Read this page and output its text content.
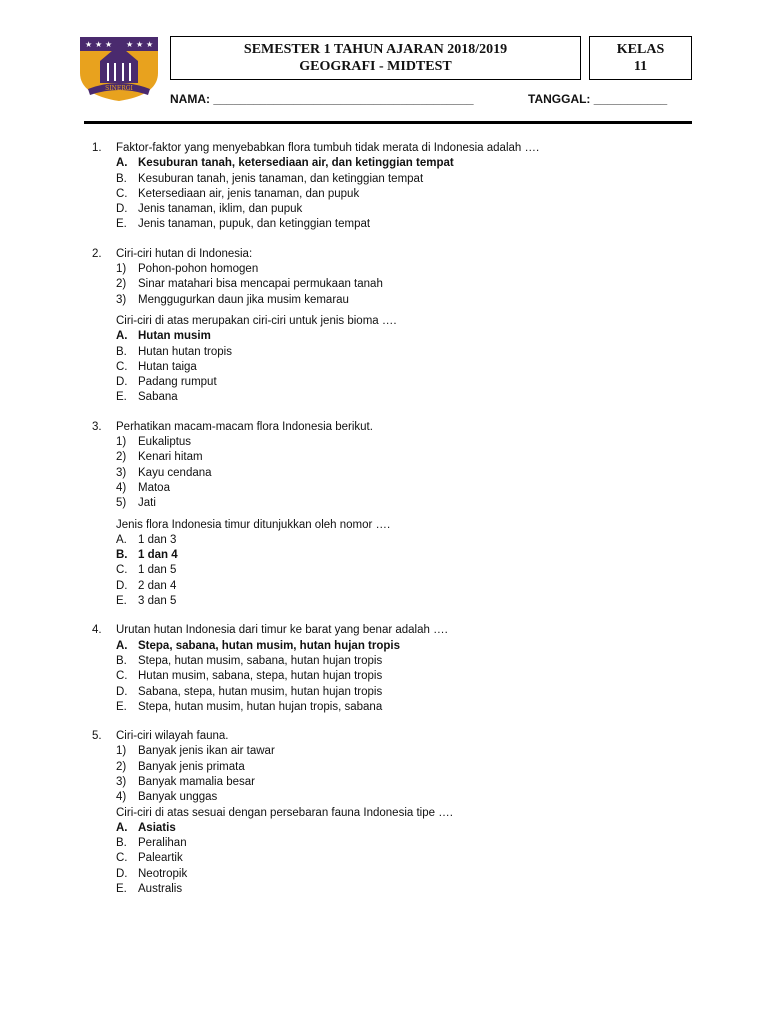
★ ★ ★ ★ ★ ★
SINERGI
SEMESTER 1 TAHUN AJARAN 2018/2019
GEOGRAFI - MIDTEST
KELAS
11
NAMA: _______________________________________	TANGGAL: ___________
1. Faktor-faktor yang menyebabkan flora tumbuh tidak merata di Indonesia adalah ….
A. Kesuburan tanah, ketersediaan air, dan ketinggian tempat
B. Kesuburan tanah, jenis tanaman, dan ketinggian tempat
C. Ketersediaan air, jenis tanaman, dan pupuk
D. Jenis tanaman, iklim, dan pupuk
E. Jenis tanaman, pupuk, dan ketinggian tempat
2. Ciri-ciri hutan di Indonesia:
1)	Pohon-pohon homogen
2)	Sinar matahari bisa mencapai permukaan tanah
3)	Menggugurkan daun jika musim kemarau
Ciri-ciri di atas merupakan ciri-ciri untuk jenis bioma ….
A. Hutan musim
B. Hutan hutan tropis
C. Hutan taiga
D. Padang rumput
E. Sabana
3. Perhatikan macam-macam flora Indonesia berikut.
1)	Eukaliptus
2)	Kenari hitam
3)	Kayu cendana
4)	Matoa
5)	Jati
Jenis flora Indonesia timur ditunjukkan oleh nomor ….
A. 1 dan 3
B. 1 dan 4
C. 1 dan 5
D. 2 dan 4
E. 3 dan 5
4. Urutan hutan Indonesia dari timur ke barat yang benar adalah ….
A. Stepa, sabana, hutan musim, hutan hujan tropis
B. Stepa, hutan musim, sabana, hutan hujan tropis
C. Hutan musim, sabana, stepa, hutan hujan tropis
D. Sabana, stepa, hutan musim, hutan hujan tropis
E. Stepa, hutan musim, hutan hujan tropis, sabana
5. Ciri-ciri wilayah fauna.
1)	Banyak jenis ikan air tawar
2)	Banyak jenis primata
3)	Banyak mamalia besar
4)	Banyak unggas
Ciri-ciri di atas sesuai dengan persebaran fauna Indonesia tipe ….
A. Asiatis
B. Peralihan
C. Paleartik
D. Neotropik
E. Australis
